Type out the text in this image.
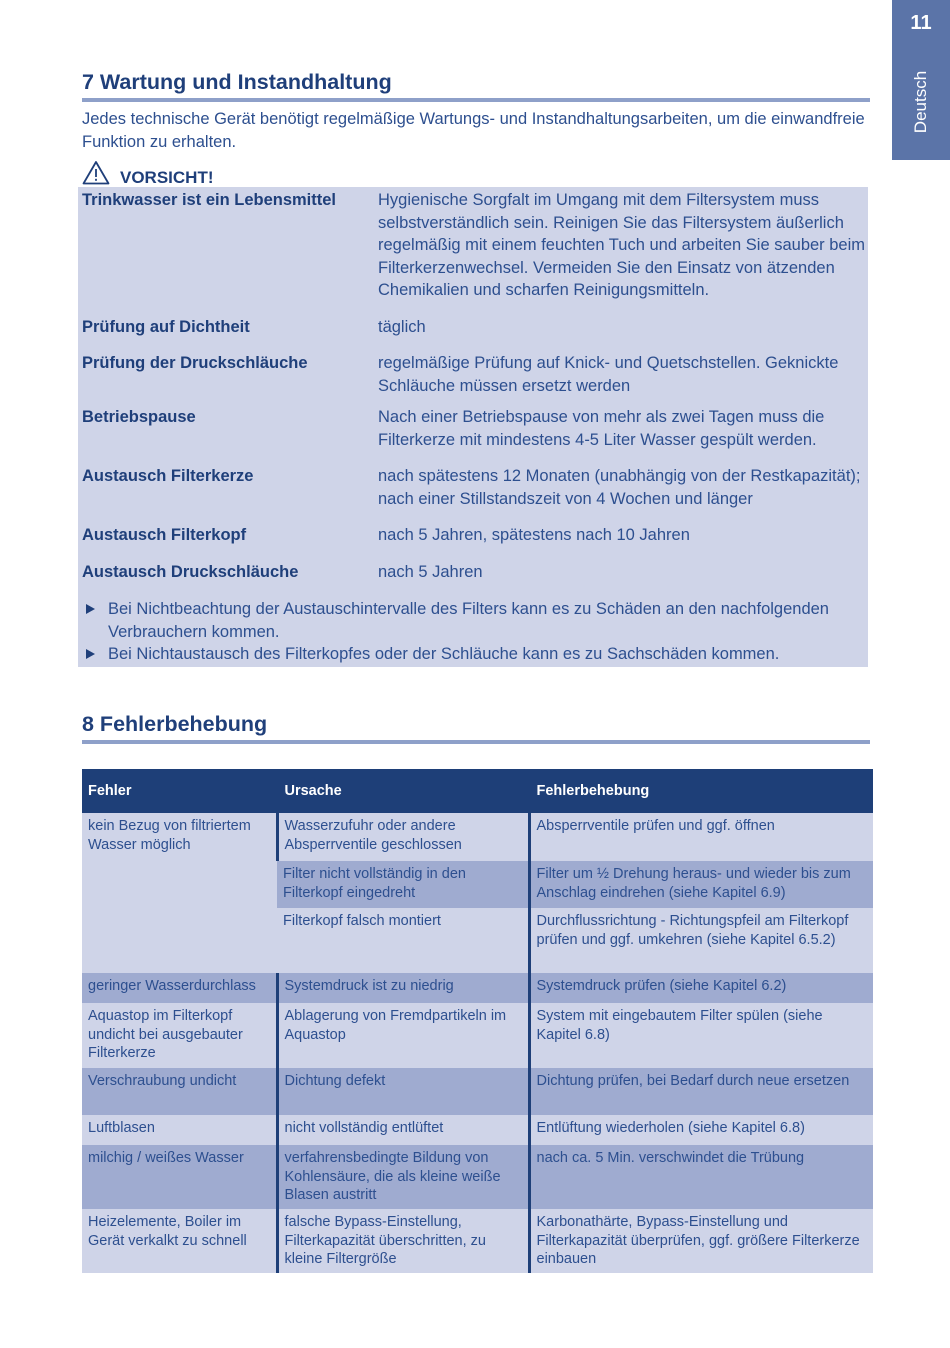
11
Deutsch
7 Wartung und Instandhaltung

Jedes technische Gerät benötigt regelmäßige Wartungs- und Instandhaltungsarbeiten, um die einwandfreie Funktion zu erhalten.

VORSICHT!
Trinkwasser ist ein Lebensmittel	Hygienische Sorgfalt im Umgang mit dem Filtersystem muss selbstverständlich sein. Reinigen Sie das Filtersystem äußerlich regelmäßig mit einem feuchten Tuch und arbeiten Sie sauber beim Filterkerzenwechsel. Vermeiden Sie den Einsatz von ätzenden Chemikalien und scharfen Reinigungsmitteln.
Prüfung auf Dichtheit	täglich
Prüfung der Druckschläuche	regelmäßige Prüfung auf Knick- und Quetschstellen. Geknickte Schläuche müssen ersetzt werden
Betriebspause	Nach einer Betriebspause von mehr als zwei Tagen muss die Filterkerze mit mindestens 4-5 Liter Wasser gespült werden.
Austausch Filterkerze	nach spätestens 12 Monaten (unabhängig von der Restkapazität); nach einer Stillstandszeit von 4 Wochen und länger
Austausch Filterkopf	nach 5 Jahren, spätestens nach 10 Jahren
Austausch Druckschläuche	nach 5 Jahren
Bei Nichtbeachtung der Austauschintervalle des Filters kann es zu Schäden an den nachfolgenden Verbrauchern kommen.
Bei Nichtaustausch des Filterkopfes oder der Schläuche kann es zu Sachschäden kommen.
8 Fehlerbehebung
Fehler	Ursache	Fehlerbehebung
kein Bezug von filtriertem Wasser möglich	Wasserzufuhr oder andere Absperrventile geschlossen	Absperrventile prüfen und ggf. öffnen
	Filter nicht vollständig in den Filterkopf eingedreht	Filter um ½ Drehung heraus- und wieder bis zum Anschlag eindrehen (siehe Kapitel 6.9)
	Filterkopf falsch montiert	Durchflussrichtung - Richtungspfeil am Filterkopf prüfen und ggf. umkehren (siehe Kapitel 6.5.2)
geringer Wasserdurchlass	Systemdruck ist zu niedrig	Systemdruck prüfen (siehe Kapitel 6.2)
Aquastop im Filterkopf undicht bei ausgebauter Filterkerze	Ablagerung von Fremdpartikeln im Aquastop	System mit eingebautem Filter spülen (siehe Kapitel 6.8)
Verschraubung undicht	Dichtung defekt	Dichtung prüfen, bei Bedarf durch neue ersetzen
Luftblasen	nicht vollständig entlüftet	Entlüftung wiederholen (siehe Kapitel 6.8)
milchig / weißes Wasser	verfahrensbedingte Bildung von Kohlensäure, die als kleine weiße Blasen austritt	nach ca. 5 Min. verschwindet die Trübung
Heizelemente, Boiler im Gerät verkalkt zu schnell	falsche Bypass-Einstellung, Filterkapazität überschritten, zu kleine Filtergröße	Karbonathärte, Bypass-Einstellung und Filterkapazität überprüfen, ggf. größere Filterkerze einbauen
